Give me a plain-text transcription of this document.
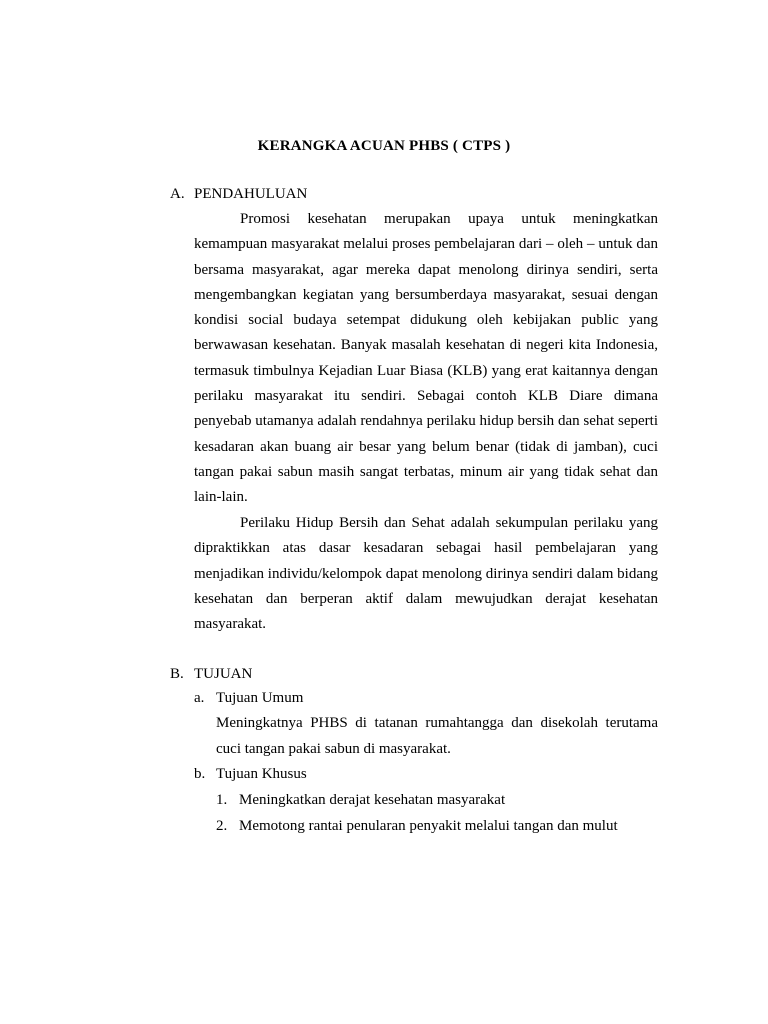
KERANGKA ACUAN PHBS ( CTPS )
A. PENDAHULUAN

Promosi kesehatan merupakan upaya untuk meningkatkan kemampuan masyarakat melalui proses pembelajaran dari – oleh – untuk dan bersama masyarakat, agar mereka dapat menolong dirinya sendiri, serta mengembangkan kegiatan yang bersumberdaya masyarakat, sesuai dengan kondisi social budaya setempat didukung oleh kebijakan public yang berwawasan kesehatan. Banyak masalah kesehatan di negeri kita Indonesia, termasuk timbulnya Kejadian Luar Biasa (KLB) yang erat kaitannya dengan perilaku masyarakat itu sendiri. Sebagai contoh KLB Diare dimana penyebab utamanya adalah rendahnya perilaku hidup bersih dan sehat seperti kesadaran akan buang air besar yang belum benar (tidak di jamban), cuci tangan pakai sabun masih sangat terbatas, minum air yang tidak sehat dan lain-lain.

Perilaku Hidup Bersih dan Sehat adalah sekumpulan perilaku yang dipraktikkan atas dasar kesadaran sebagai hasil pembelajaran yang menjadikan individu/kelompok dapat menolong dirinya sendiri dalam bidang kesehatan dan berperan aktif dalam mewujudkan derajat kesehatan masyarakat.

B. TUJUAN
a. Tujuan Umum

Meningkatnya PHBS di tatanan rumahtangga dan disekolah terutama cuci tangan pakai sabun di masyarakat.

b. Tujuan Khusus
1. Meningkatkan derajat kesehatan masyarakat
2. Memotong rantai penularan penyakit melalui tangan dan mulut
